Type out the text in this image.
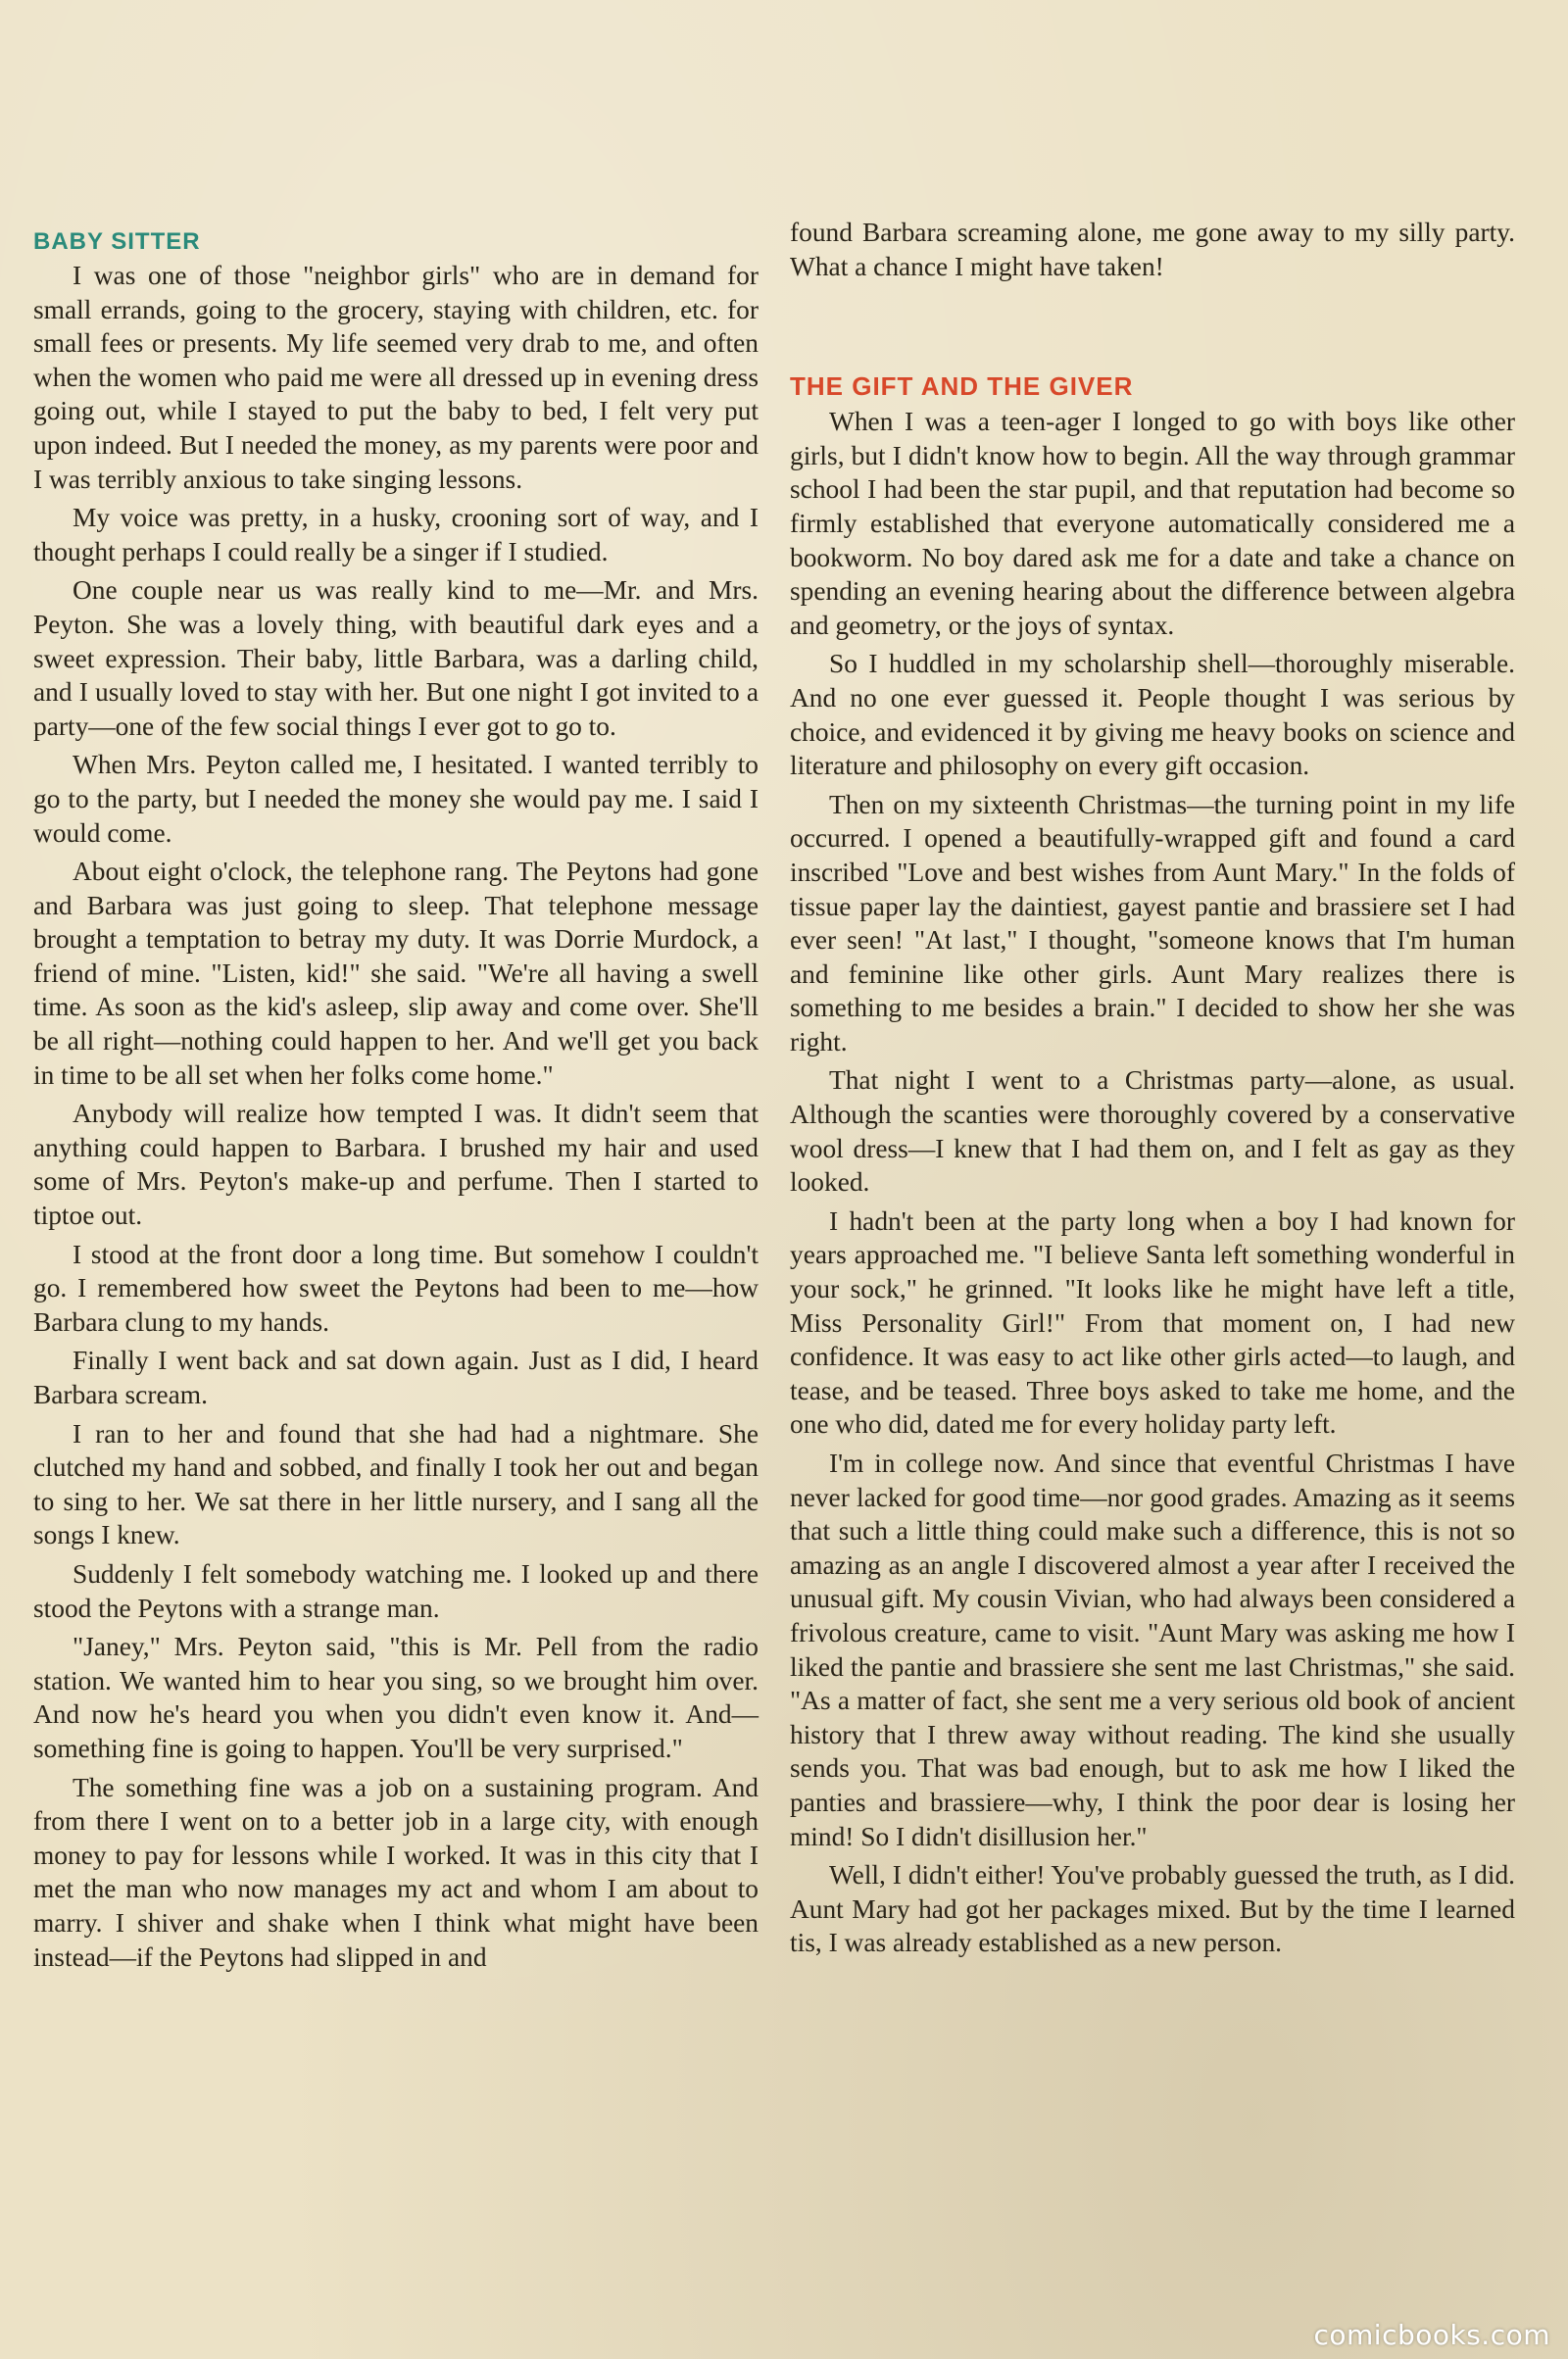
BABY SITTER

I was one of those "neighbor girls" who are in demand for small errands, going to the grocery, staying with children, etc. for small fees or presents. My life seemed very drab to me, and often when the women who paid me were all dressed up in evening dress going out, while I stayed to put the baby to bed, I felt very put upon indeed. But I needed the money, as my parents were poor and I was terribly anxious to take singing lessons.

My voice was pretty, in a husky, crooning sort of way, and I thought perhaps I could really be a singer if I studied.

One couple near us was really kind to me—Mr. and Mrs. Peyton. She was a lovely thing, with beautiful dark eyes and a sweet expression. Their baby, little Barbara, was a darling child, and I usually loved to stay with her. But one night I got invited to a party—one of the few social things I ever got to go to.

When Mrs. Peyton called me, I hesitated. I wanted terribly to go to the party, but I needed the money she would pay me. I said I would come.

About eight o'clock, the telephone rang. The Peytons had gone and Barbara was just going to sleep. That telephone message brought a temptation to betray my duty. It was Dorrie Murdock, a friend of mine. "Listen, kid!" she said. "We're all having a swell time. As soon as the kid's asleep, slip away and come over. She'll be all right—nothing could happen to her. And we'll get you back in time to be all set when her folks come home."

Anybody will realize how tempted I was. It didn't seem that anything could happen to Barbara. I brushed my hair and used some of Mrs. Peyton's make-up and perfume. Then I started to tiptoe out.

I stood at the front door a long time. But somehow I couldn't go. I remembered how sweet the Peytons had been to me—how Barbara clung to my hands.

Finally I went back and sat down again. Just as I did, I heard Barbara scream.

I ran to her and found that she had had a nightmare. She clutched my hand and sobbed, and finally I took her out and began to sing to her. We sat there in her little nursery, and I sang all the songs I knew.

Suddenly I felt somebody watching me. I looked up and there stood the Peytons with a strange man.

"Janey," Mrs. Peyton said, "this is Mr. Pell from the radio station. We wanted him to hear you sing, so we brought him over. And now he's heard you when you didn't even know it. And—something fine is going to happen. You'll be very surprised."

The something fine was a job on a sustaining program. And from there I went on to a better job in a large city, with enough money to pay for lessons while I worked. It was in this city that I met the man who now manages my act and whom I am about to marry. I shiver and shake when I think what might have been instead—if the Peytons had slipped in and

found Barbara screaming alone, me gone away to my silly party. What a chance I might have taken!

THE GIFT AND THE GIVER

When I was a teen-ager I longed to go with boys like other girls, but I didn't know how to begin. All the way through grammar school I had been the star pupil, and that reputation had become so firmly established that everyone automatically considered me a bookworm. No boy dared ask me for a date and take a chance on spending an evening hearing about the difference between algebra and geometry, or the joys of syntax.

So I huddled in my scholarship shell—thoroughly miserable. And no one ever guessed it. People thought I was serious by choice, and evidenced it by giving me heavy books on science and literature and philosophy on every gift occasion.

Then on my sixteenth Christmas—the turning point in my life occurred. I opened a beautifully-wrapped gift and found a card inscribed "Love and best wishes from Aunt Mary." In the folds of tissue paper lay the daintiest, gayest pantie and brassiere set I had ever seen! "At last," I thought, "someone knows that I'm human and feminine like other girls. Aunt Mary realizes there is something to me besides a brain." I decided to show her she was right.

That night I went to a Christmas party—alone, as usual. Although the scanties were thoroughly covered by a conservative wool dress—I knew that I had them on, and I felt as gay as they looked.

I hadn't been at the party long when a boy I had known for years approached me. "I believe Santa left something wonderful in your sock," he grinned. "It looks like he might have left a title, Miss Personality Girl!" From that moment on, I had new confidence. It was easy to act like other girls acted—to laugh, and tease, and be teased. Three boys asked to take me home, and the one who did, dated me for every holiday party left.

I'm in college now. And since that eventful Christmas I have never lacked for good time—nor good grades. Amazing as it seems that such a little thing could make such a difference, this is not so amazing as an angle I discovered almost a year after I received the unusual gift. My cousin Vivian, who had always been considered a frivolous creature, came to visit. "Aunt Mary was asking me how I liked the pantie and brassiere she sent me last Christmas," she said. "As a matter of fact, she sent me a very serious old book of ancient history that I threw away without reading. The kind she usually sends you. That was bad enough, but to ask me how I liked the panties and brassiere—why, I think the poor dear is losing her mind! So I didn't disillusion her."

Well, I didn't either! You've probably guessed the truth, as I did. Aunt Mary had got her packages mixed. But by the time I learned tis, I was already established as a new person.

comicbooks.com
